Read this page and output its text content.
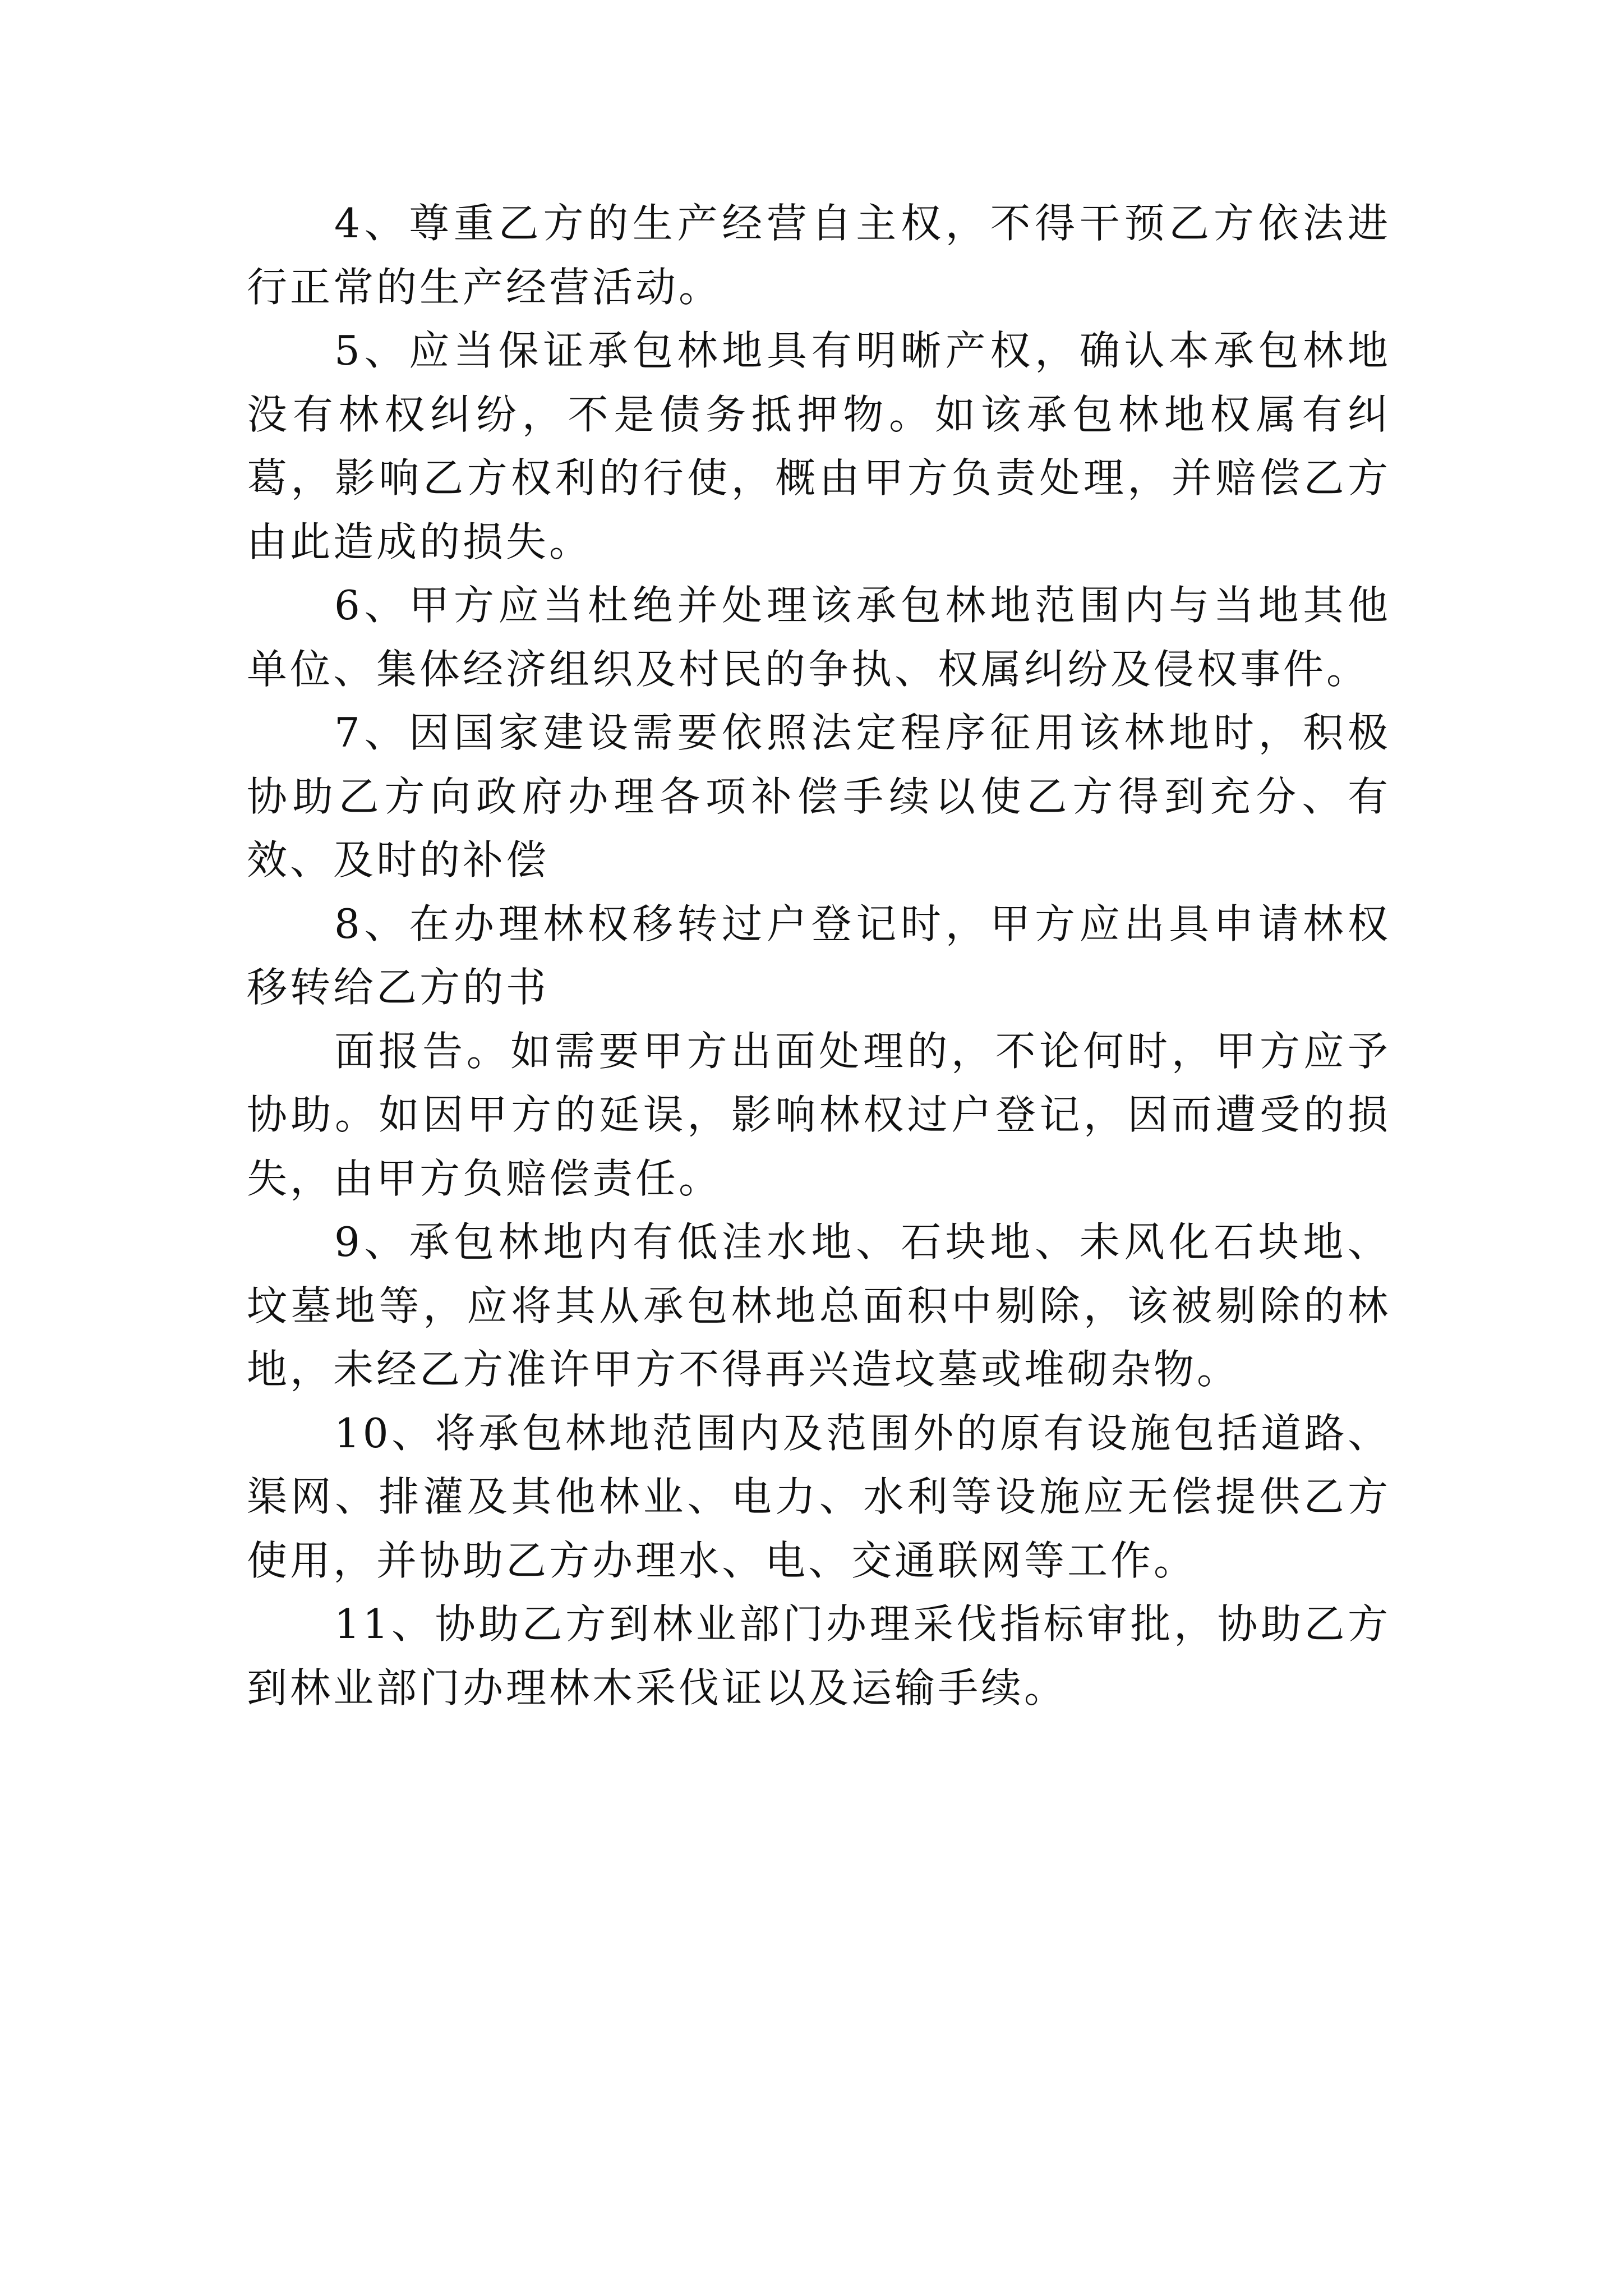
4、尊重乙方的生产经营自主权，不得干预乙方依法进行正常的生产经营活动。

5、应当保证承包林地具有明晰产权，确认本承包林地没有林权纠纷，不是债务抵押物。如该承包林地权属有纠葛，影响乙方权利的行使，概由甲方负责处理，并赔偿乙方由此造成的损失。

6、甲方应当杜绝并处理该承包林地范围内与当地其他单位、集体经济组织及村民的争执、权属纠纷及侵权事件。

7、因国家建设需要依照法定程序征用该林地时，积极协助乙方向政府办理各项补偿手续以使乙方得到充分、有效、及时的补偿

8、在办理林权移转过户登记时，甲方应出具申请林权移转给乙方的书

面报告。如需要甲方出面处理的，不论何时，甲方应予协助。如因甲方的延误，影响林权过户登记，因而遭受的损失，由甲方负赔偿责任。

9、承包林地内有低洼水地、石块地、未风化石块地、坟墓地等，应将其从承包林地总面积中剔除，该被剔除的林地，未经乙方准许甲方不得再兴造坟墓或堆砌杂物。

10、将承包林地范围内及范围外的原有设施包括道路、渠网、排灌及其他林业、电力、水利等设施应无偿提供乙方使用，并协助乙方办理水、电、交通联网等工作。

11、协助乙方到林业部门办理采伐指标审批，协助乙方到林业部门办理林木采伐证以及运输手续。
